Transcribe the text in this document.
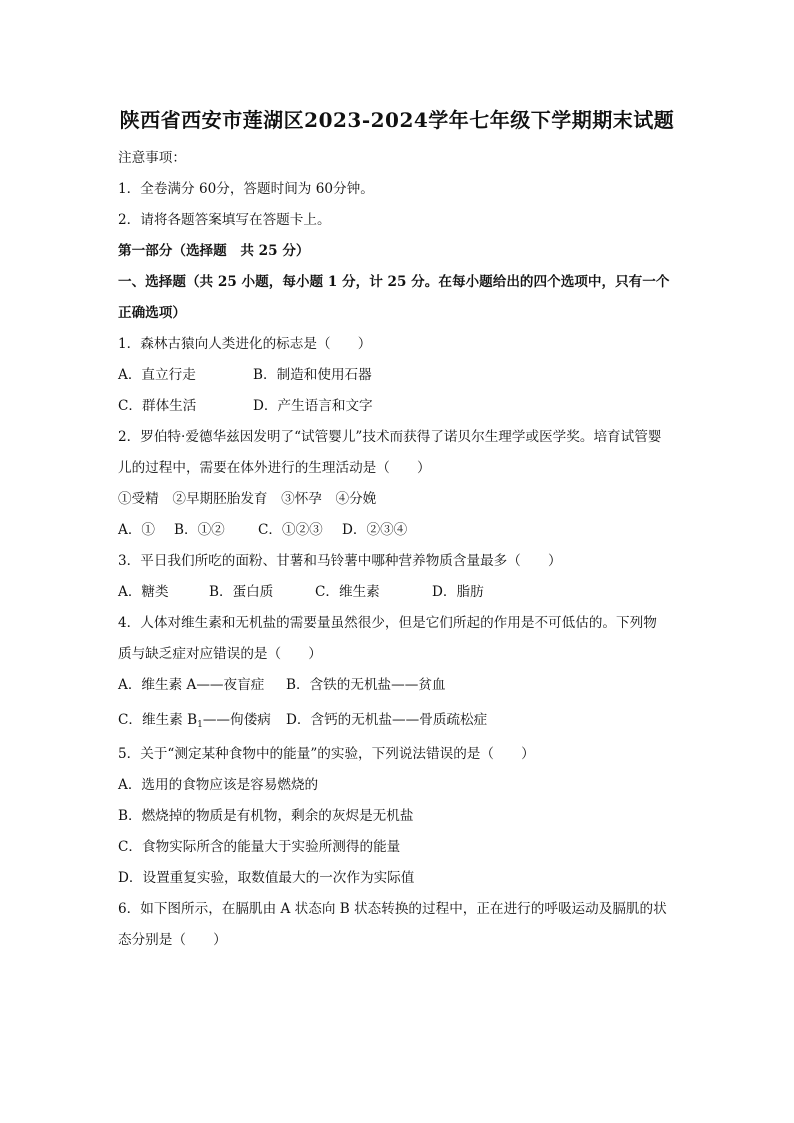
陕西省西安市莲湖区2023-2024学年七年级下学期期末试题
注意事项：
1．全卷满分 60分，答题时间为 60分钟。
2．请将各题答案填写在答题卡上。
第一部分（选择题　共 25 分）
一、选择题（共 25 小题，每小题 1 分，计 25 分。在每小题给出的四个选项中，只有一个
正确选项）
1．森林古猿向人类进化的标志是（　　）
A．直立行走	B．制造和使用石器
C．群体生活	D．产生语言和文字
2．罗伯特·爱德华兹因发明了“试管婴儿”技术而获得了诺贝尔生理学或医学奖。培育试管婴
儿的过程中，需要在体外进行的生理活动是（　　）
①受精　②早期胚胎发育　③怀孕　④分娩
A．① B．①② C．①②③ D．②③④
3．平日我们所吃的面粉、甘薯和马铃薯中哪种营养物质含量最多（　　）
A．糖类	B．蛋白质	C．维生素	D．脂肪
4．人体对维生素和无机盐的需要量虽然很少，但是它们所起的作用是不可低估的。下列物
质与缺乏症对应错误的是（　　）
A．维生素 A——夜盲症 B．含铁的无机盐——贫血
C．维生素 $B_1——$佝偻病 D．含钙的无机盐——骨质疏松症
5．关于“测定某种食物中的能量”的实验，下列说法错误的是（　　）
A．选用的食物应该是容易燃烧的
B．燃烧掉的物质是有机物，剩余的灰烬是无机盐
C．食物实际所含的能量大于实验所测得的能量
D．设置重复实验，取数值最大的一次作为实际值
6．如下图所示，在膈肌由 A 状态向 B 状态转换的过程中，正在进行的呼吸运动及膈肌的状
态分别是（　　）
